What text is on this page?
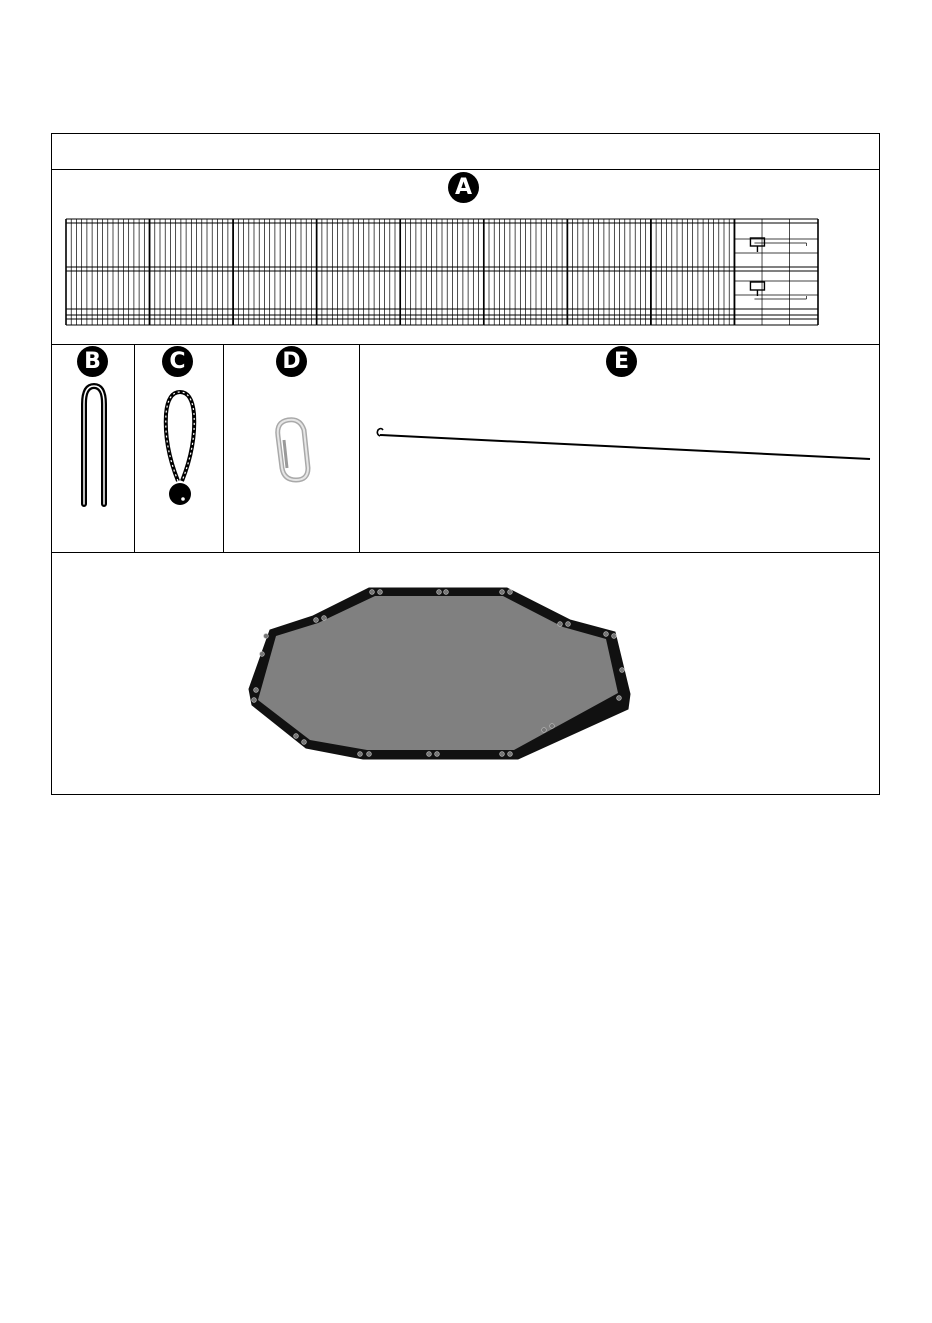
A
B	C	D	E
